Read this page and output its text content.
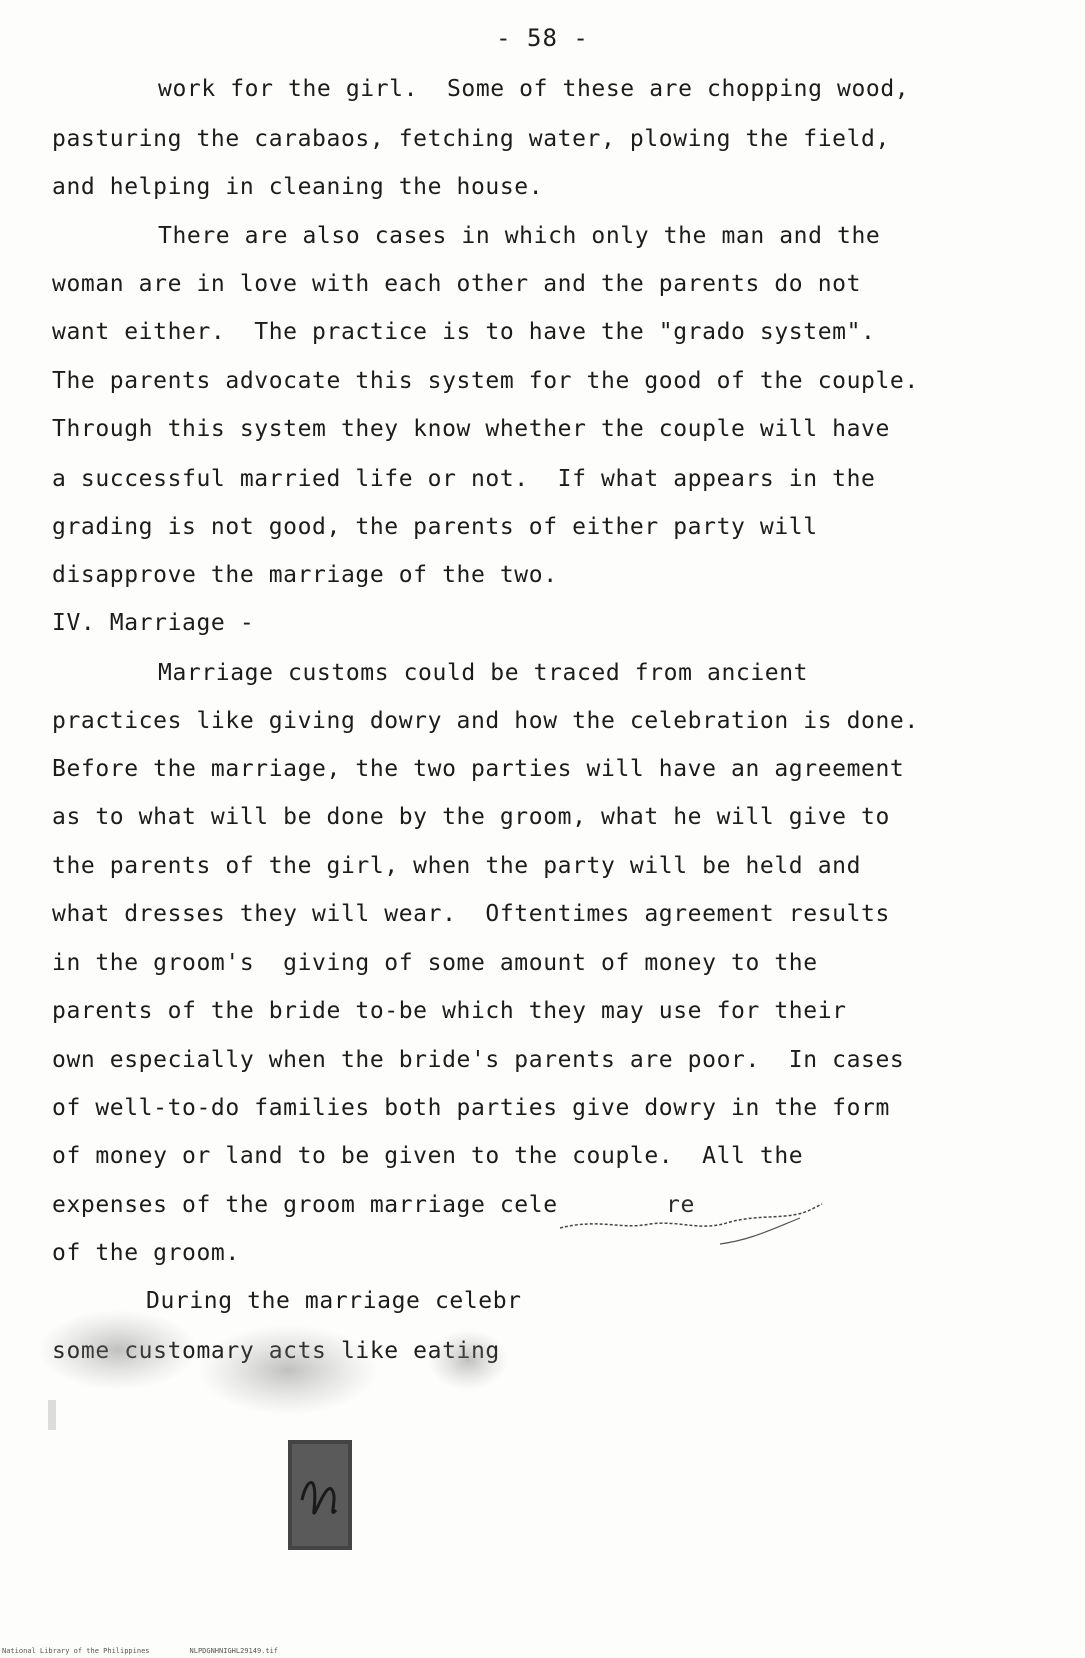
- 58 -
work for the girl.  Some of these are chopping wood,
pasturing the carabaos, fetching water, plowing the field,
and helping in cleaning the house.
There are also cases in which only the man and the
woman are in love with each other and the parents do not
want either.  The practice is to have the "grado system".
The parents advocate this system for the good of the couple.
Through this system they know whether the couple will have
a successful married life or not.  If what appears in the
grading is not good, the parents of either party will
disapprove the marriage of the two.
IV. Marriage -
Marriage customs could be traced from ancient
practices like giving dowry and how the celebration is done.
Before the marriage, the two parties will have an agreement
as to what will be done by the groom, what he will give to
the parents of the girl, when the party will be held and
what dresses they will wear.  Oftentimes agreement results
in the groom's  giving of some amount of money to the
parents of the bride to-be which they may use for their
own especially when the bride's parents are poor.  In cases
of well-to-do families both parties give dowry in the form
of money or land to be given to the couple.  All the
expenses of the groom marriage cele	re
of the groom.
During the marriage celebr
like
National Library of the Philippines	NLPDGNHNIGHL29149.tif
